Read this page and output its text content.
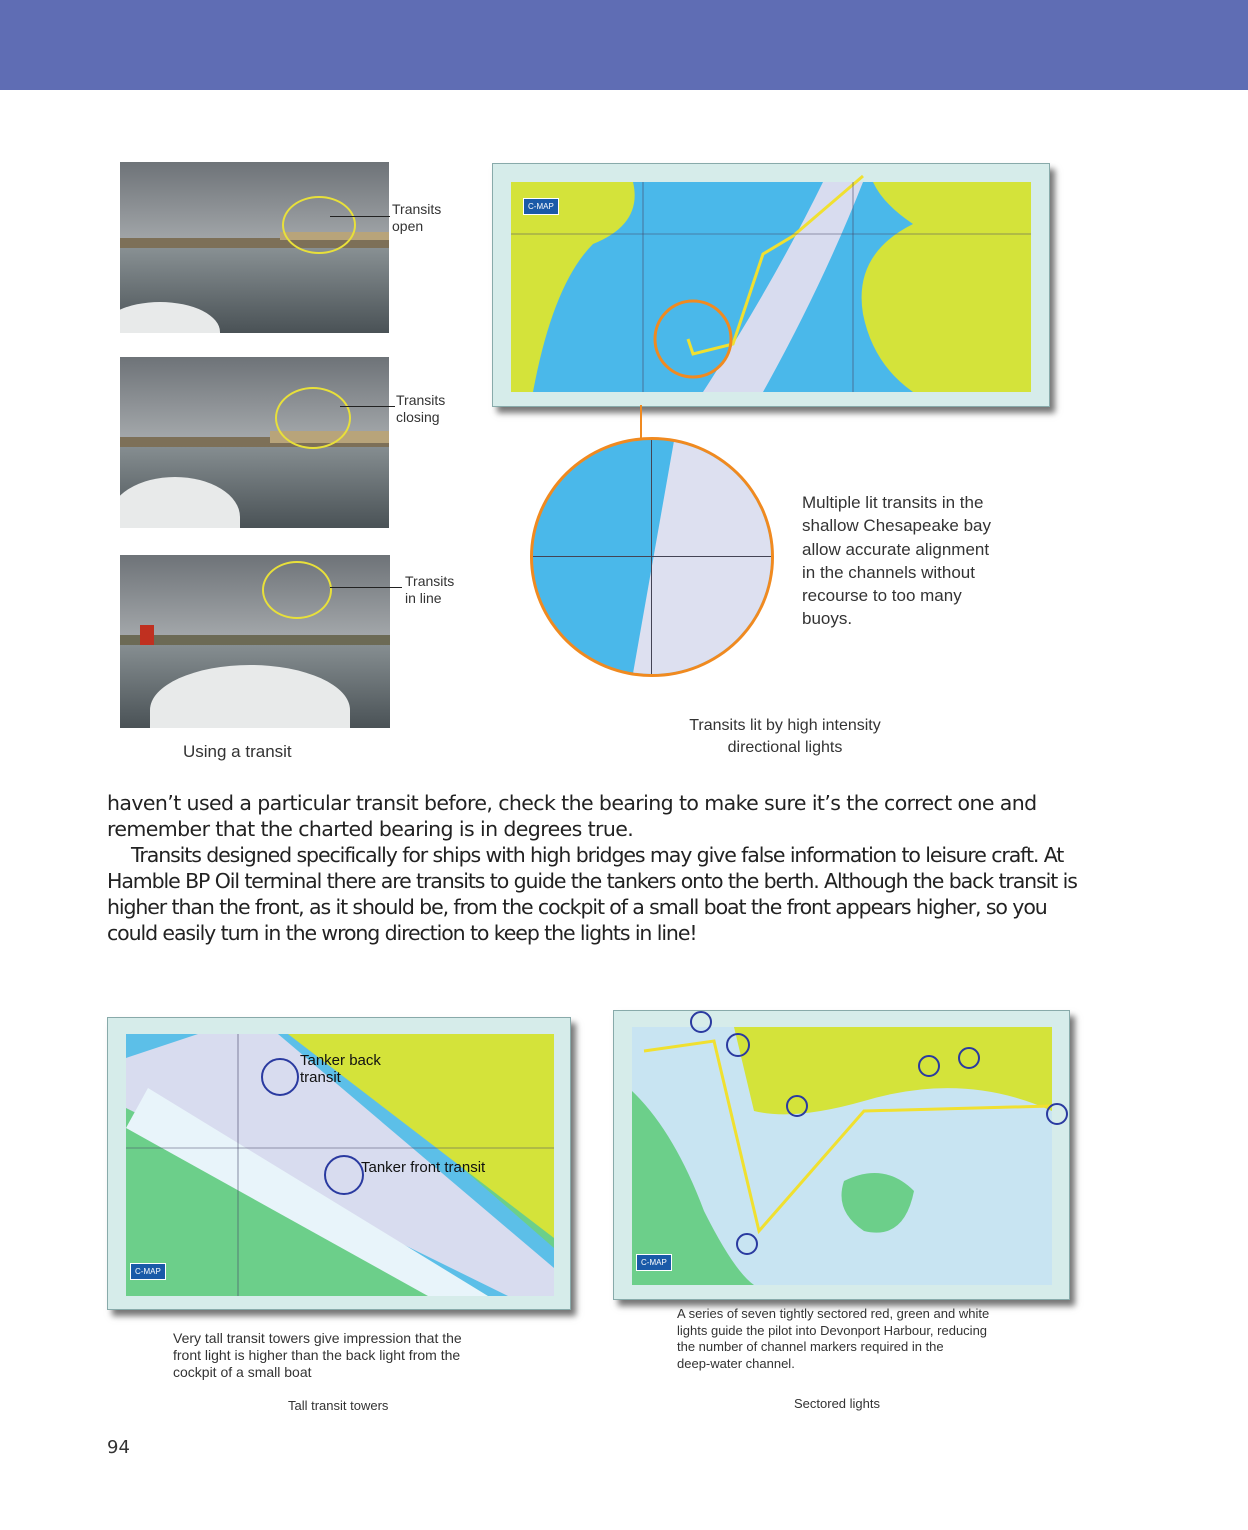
Transits
open
Transits
closing
Transits
in line
Using a transit
C-MAP
Multiple lit transits in the
shallow Chesapeake bay
allow accurate alignment
in the channels without
recourse to too many
buoys.
Transits lit by high intensity
directional lights

haven’t used a particular transit before, check the bearing to make sure it’s the correct one and remember that the charted bearing is in degrees true.

Transits designed specifically for ships with high bridges may give false information to leisure craft. At Hamble BP Oil terminal there are transits to guide the tankers onto the berth. Although the back transit is higher than the front, as it should be, from the cockpit of a small boat the front appears higher, so you could easily turn in the wrong direction to keep the lights in line!

C-MAP
Tanker back
transit
Tanker front transit
Very tall transit towers give impression that the
front light is higher than the back light from the
cockpit of a small boat
Tall transit towers
C-MAP
A series of seven tightly sectored red, green and white
lights guide the pilot into Devonport Harbour, reducing
the number of channel markers required in the
deep-water channel.
Sectored lights
94
